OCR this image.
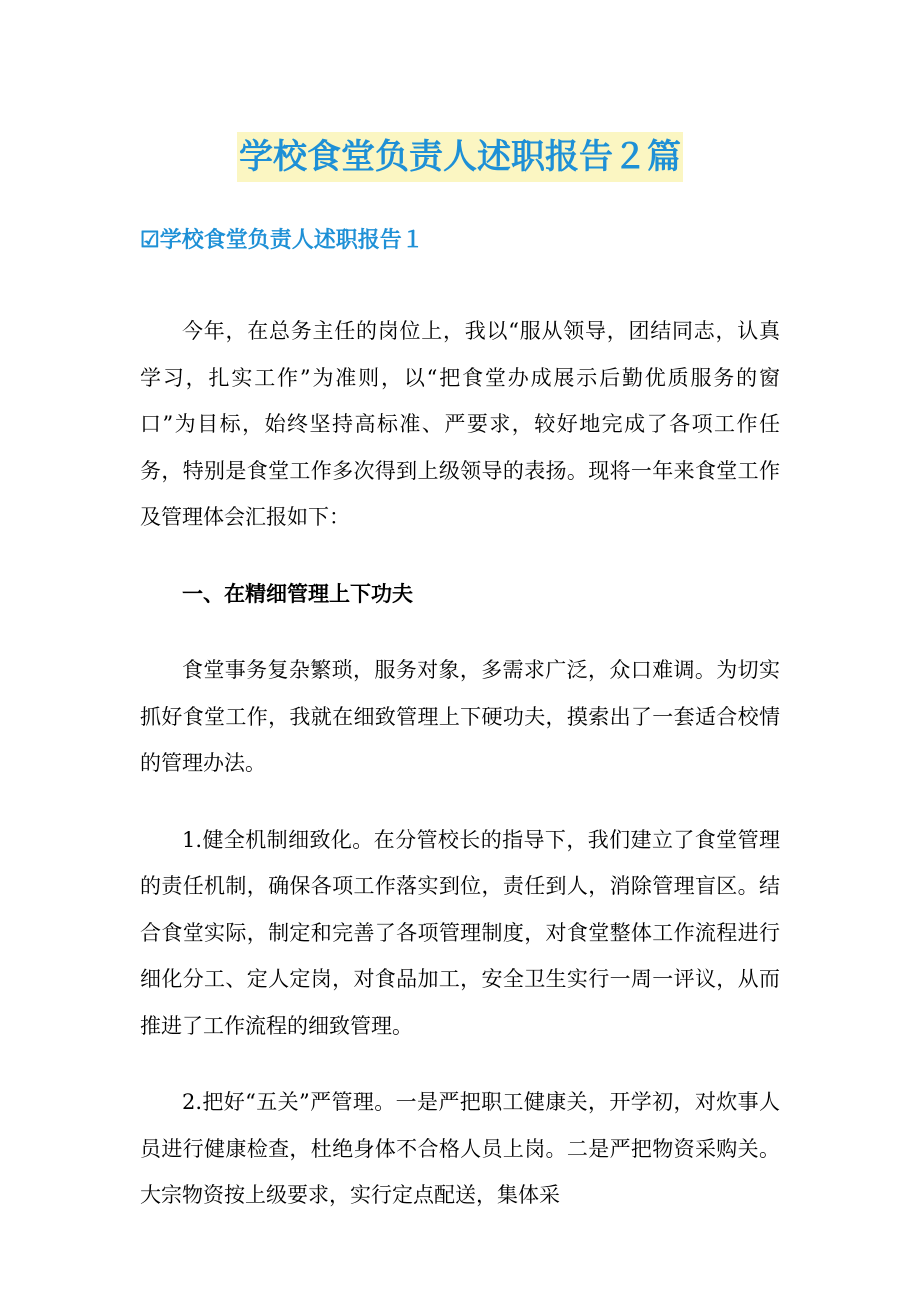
学校食堂负责人述职报告２篇
☑学校食堂负责人述职报告１

今年，在总务主任的岗位上，我以“服从领导，团结同志，认真学习，扎实工作”为准则，以“把食堂办成展示后勤优质服务的窗口”为目标，始终坚持高标准、严要求，较好地完成了各项工作任务，特别是食堂工作多次得到上级领导的表扬。现将一年来食堂工作及管理体会汇报如下：

一、在精细管理上下功夫

食堂事务复杂繁琐，服务对象，多需求广泛，众口难调。为切实抓好食堂工作，我就在细致管理上下硬功夫，摸索出了一套适合校情的管理办法。

1.健全机制细致化。在分管校长的指导下，我们建立了食堂管理的责任机制，确保各项工作落实到位，责任到人，消除管理盲区。结合食堂实际，制定和完善了各项管理制度，对食堂整体工作流程进行细化分工、定人定岗，对食品加工，安全卫生实行一周一评议，从而推进了工作流程的细致管理。

2.把好“五关”严管理。一是严把职工健康关，开学初，对炊事人员进行健康检查，杜绝身体不合格人员上岗。二是严把物资采购关。大宗物资按上级要求，实行定点配送，集体采
